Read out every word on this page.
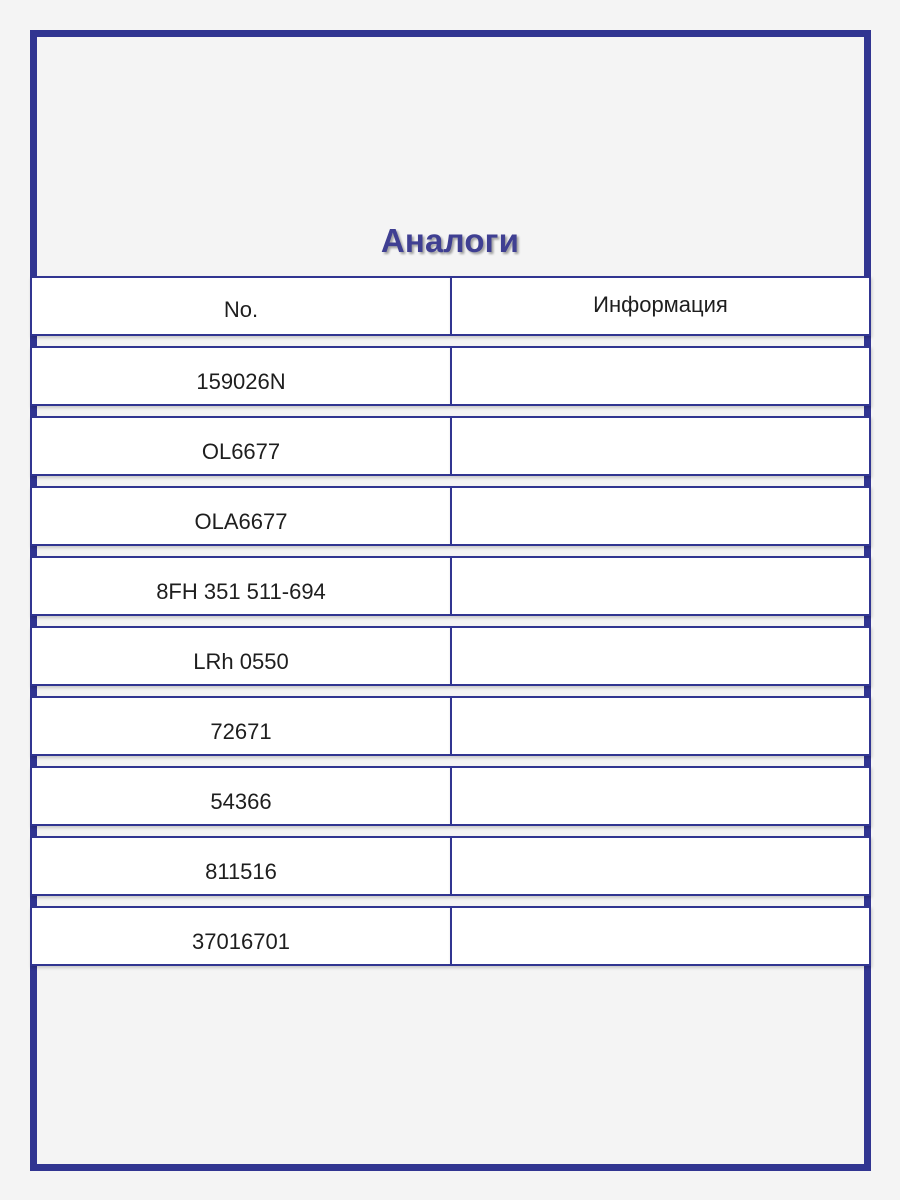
Аналоги
No.	Информация
159026N
OL6677
OLA6677
8FH 351 511-694
LRh 0550
72671
54366
811516
37016701
